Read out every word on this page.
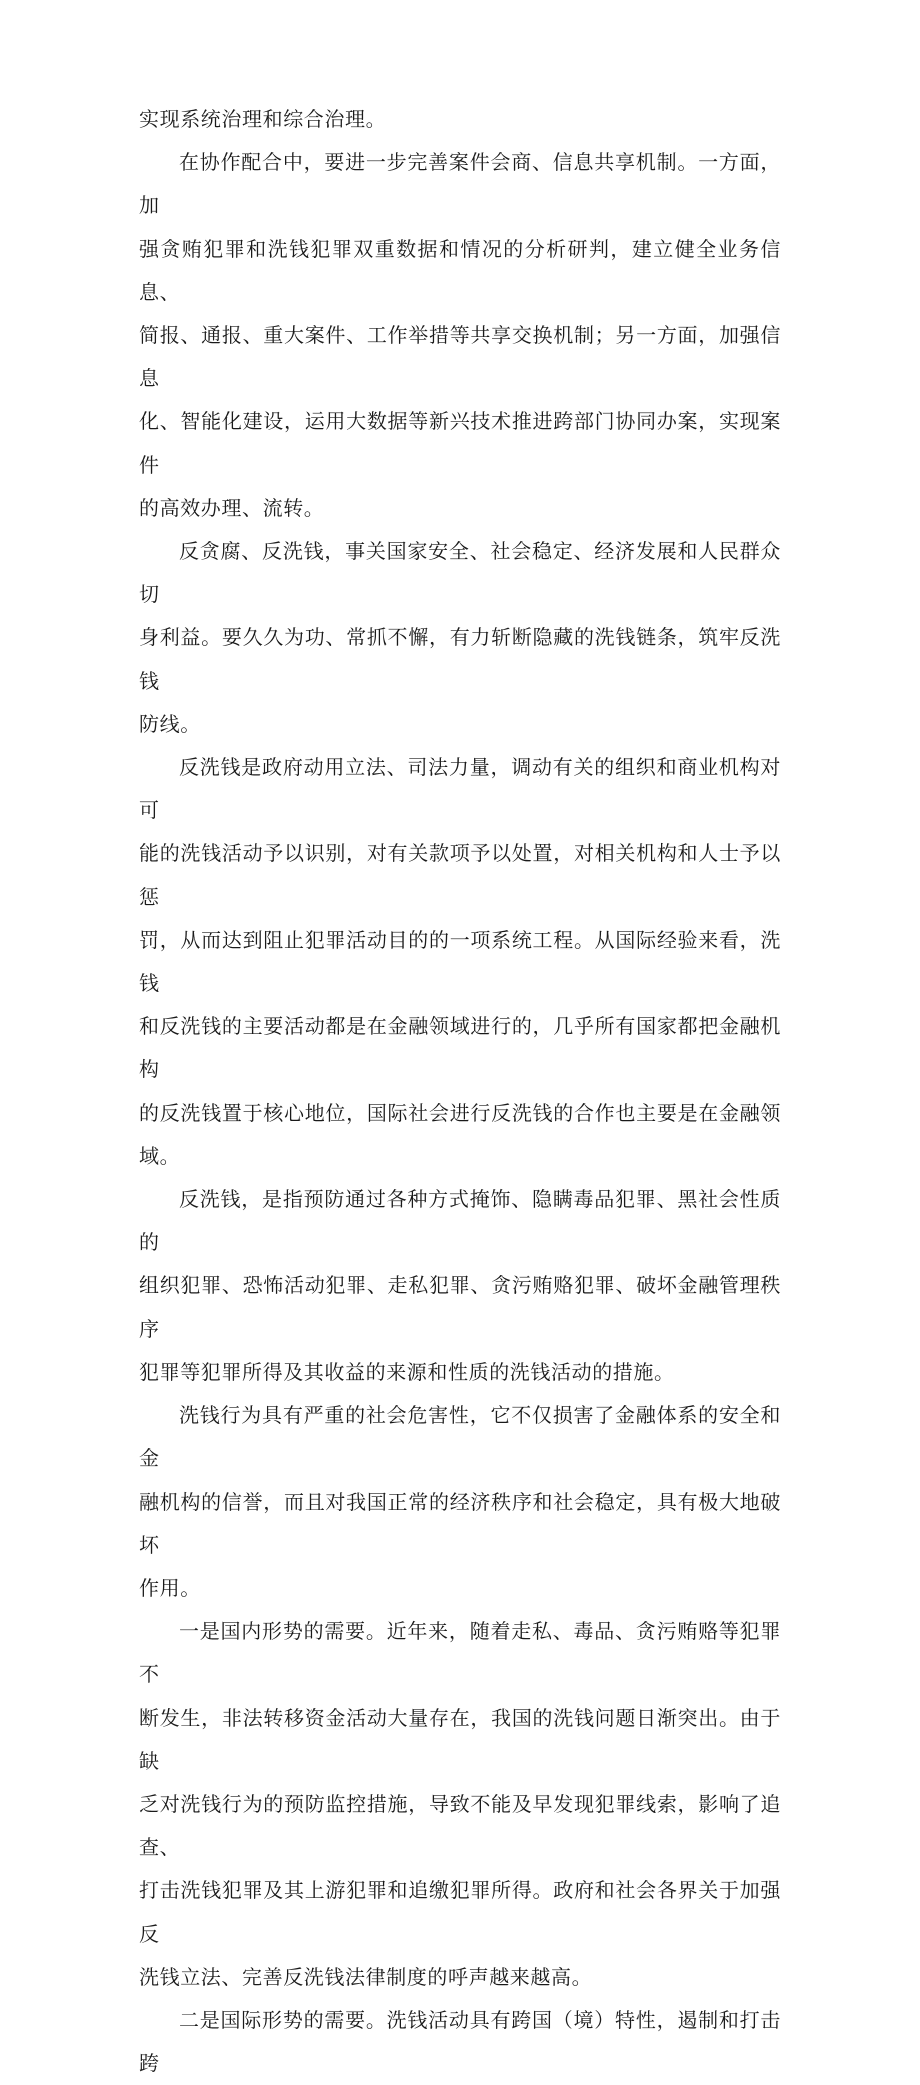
实现系统治理和综合治理。

在协作配合中，要进一步完善案件会商、信息共享机制。一方面，加
强贪贿犯罪和洗钱犯罪双重数据和情况的分析研判，建立健全业务信息、
简报、通报、重大案件、工作举措等共享交换机制；另一方面，加强信息
化、智能化建设，运用大数据等新兴技术推进跨部门协同办案，实现案件
的高效办理、流转。

反贪腐、反洗钱，事关国家安全、社会稳定、经济发展和人民群众切
身利益。要久久为功、常抓不懈，有力斩断隐藏的洗钱链条，筑牢反洗钱
防线。

反洗钱是政府动用立法、司法力量，调动有关的组织和商业机构对可
能的洗钱活动予以识别，对有关款项予以处置，对相关机构和人士予以惩
罚，从而达到阻止犯罪活动目的的一项系统工程。从国际经验来看，洗钱
和反洗钱的主要活动都是在金融领域进行的，几乎所有国家都把金融机构
的反洗钱置于核心地位，国际社会进行反洗钱的合作也主要是在金融领域。

反洗钱，是指预防通过各种方式掩饰、隐瞒毒品犯罪、黑社会性质的
组织犯罪、恐怖活动犯罪、走私犯罪、贪污贿赂犯罪、破坏金融管理秩序
犯罪等犯罪所得及其收益的来源和性质的洗钱活动的措施。

洗钱行为具有严重的社会危害性，它不仅损害了金融体系的安全和金
融机构的信誉，而且对我国正常的经济秩序和社会稳定，具有极大地破坏
作用。

一是国内形势的需要。近年来，随着走私、毒品、贪污贿赂等犯罪不
断发生，非法转移资金活动大量存在，我国的洗钱问题日渐突出。由于缺
乏对洗钱行为的预防监控措施，导致不能及早发现犯罪线索，影响了追查、
打击洗钱犯罪及其上游犯罪和追缴犯罪所得。政府和社会各界关于加强反
洗钱立法、完善反洗钱法律制度的呼声越来越高。

二是国际形势的需要。洗钱活动具有跨国（境）特性，遏制和打击跨
